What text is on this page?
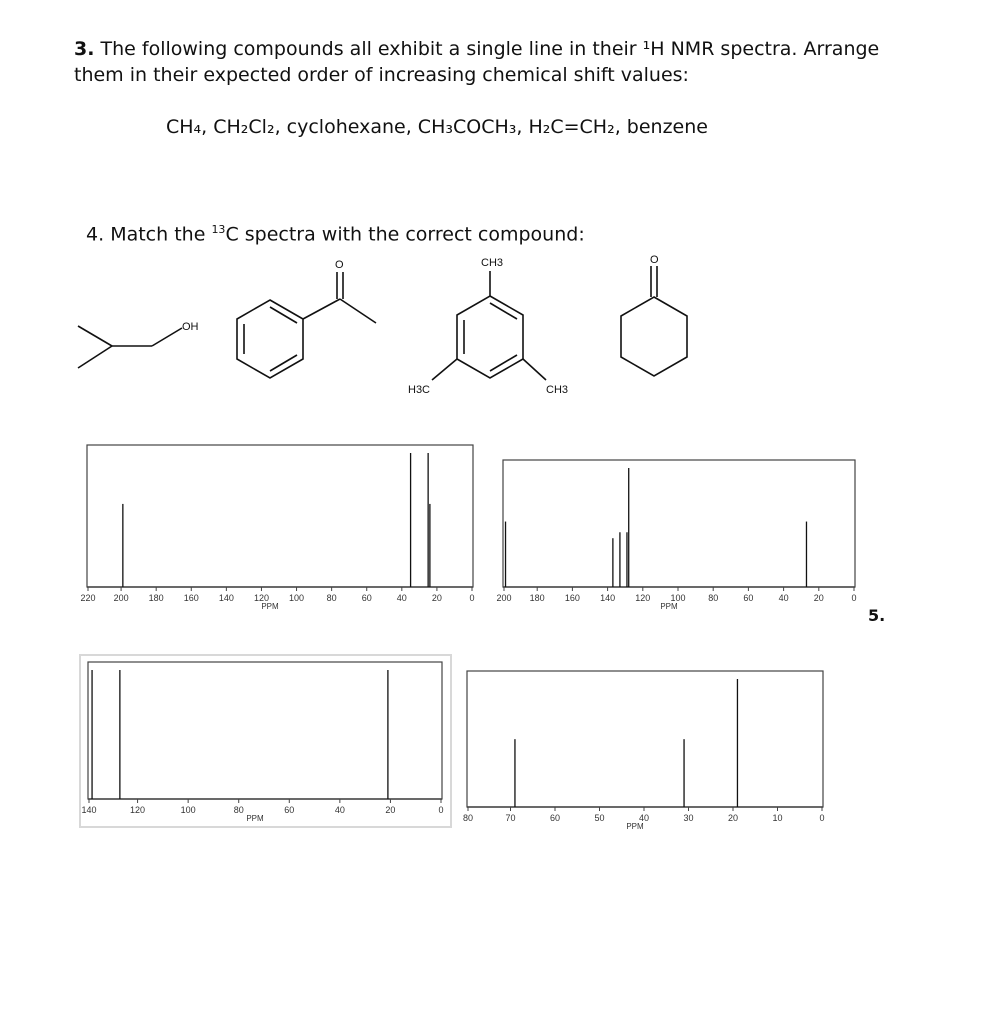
3. The following compounds all exhibit a single line in their ¹H NMR spectra. Arrange them in their expected order of increasing chemical shift values:
CH₄, CH₂Cl₂, cyclohexane, CH₃COCH₃, H₂C=CH₂, benzene
4. Match the $^{13}$C spectra with the correct compound:
OH
O	CH3
H3C	CH3
O
220 200 180 160 140 120 100	80	60	40	20	0
PPM
200 180 160 140 120 100	80	60	40	20	0
PPM
140	120	100	80	60	40	20	0
PPM	80	70	60	50	40	30	20	10	0
PPM
5.
